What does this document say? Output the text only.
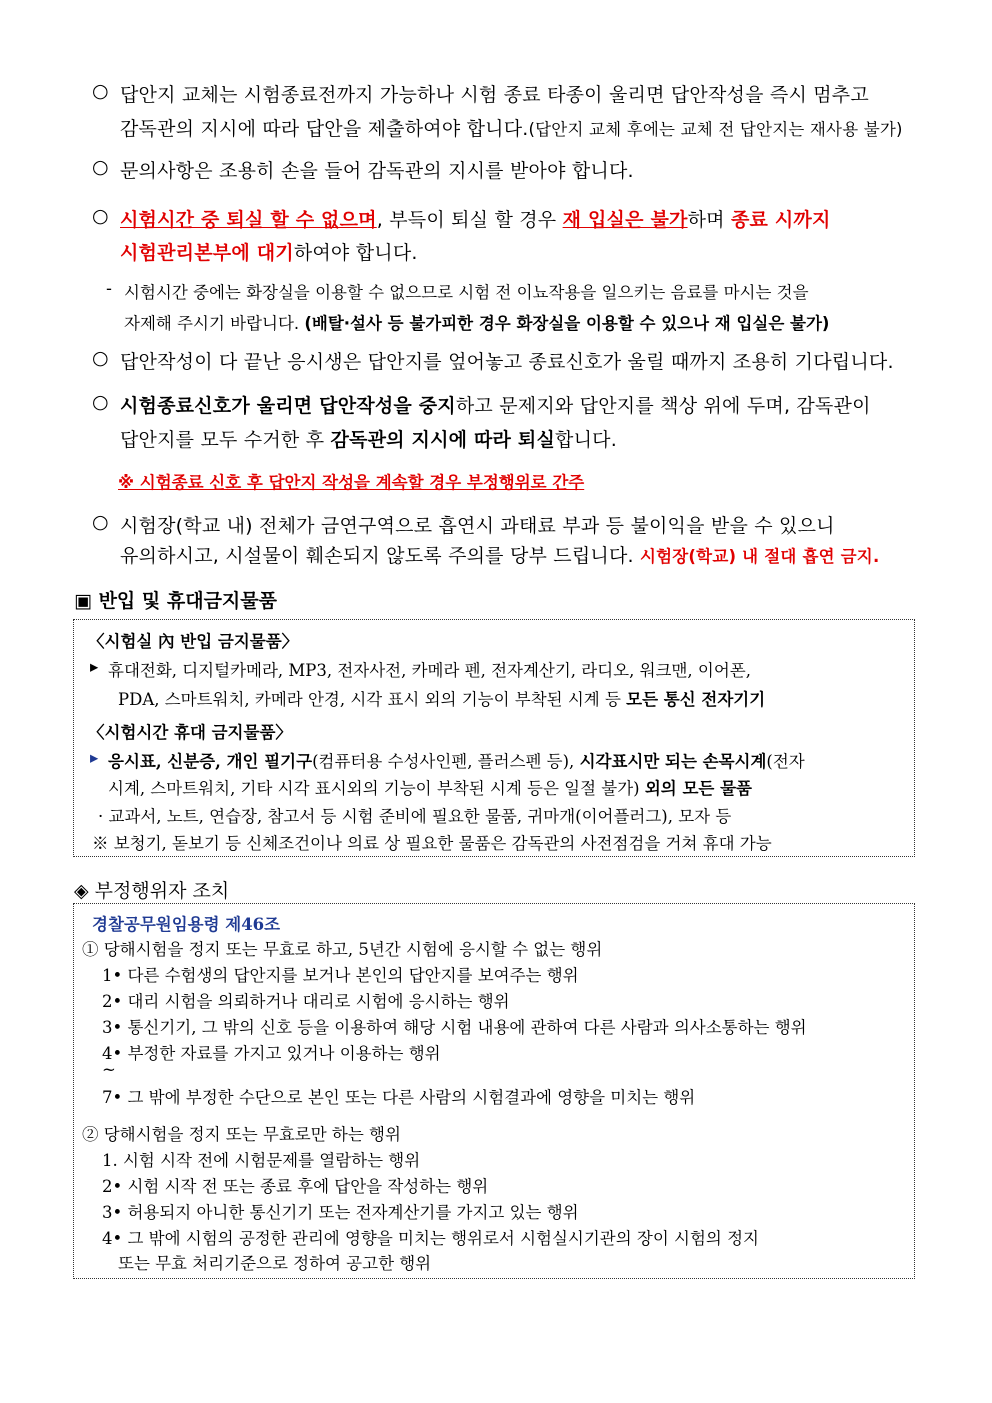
○ 답안지 교체는 시험종료전까지 가능하나 시험 종료 타종이 울리면 답안작성을 즉시 멈추고
감독관의 지시에 따라 답안을 제출하여야 합니다.(답안지 교체 후에는 교체 전 답안지는 재사용 불가)
○ 문의사항은 조용히 손을 들어 감독관의 지시를 받아야 합니다.
○ 시험시간 중 퇴실 할 수 없으며, 부득이 퇴실 할 경우 재 입실은 불가하며 종료 시까지
시험관리본부에 대기하여야 합니다.
- 시험시간 중에는 화장실을 이용할 수 없으므로 시험 전 이뇨작용을 일으키는 음료를 마시는 것을
자제해 주시기 바랍니다. (배탈·설사 등 불가피한 경우 화장실을 이용할 수 있으나 재 입실은 불가)
○ 답안작성이 다 끝난 응시생은 답안지를 엎어놓고 종료신호가 울릴 때까지 조용히 기다립니다.
○ 시험종료신호가 울리면 답안작성을 중지하고 문제지와 답안지를 책상 위에 두며, 감독관이
답안지를 모두 수거한 후 감독관의 지시에 따라 퇴실합니다.
※ 시험종료 신호 후 답안지 작성을 계속할 경우 부정행위로 간주
○ 시험장(학교 내) 전체가 금연구역으로 흡연시 과태료 부과 등 불이익을 받을 수 있으니
유의하시고, 시설물이 훼손되지 않도록 주의를 당부 드립니다. 시험장(학교) 내 절대 흡연 금지.
▣ 반입 및 휴대금지물품
〈시험실 內 반입 금지물품〉
▸ 휴대전화, 디지털카메라, MP3, 전자사전, 카메라 펜, 전자계산기, 라디오, 워크맨, 이어폰,
PDA, 스마트워치, 카메라 안경, 시각 표시 외의 기능이 부착된 시계 등 모든 통신 전자기기
〈시험시간 휴대 금지물품〉
▸ 응시표, 신분증, 개인 필기구(컴퓨터용 수성사인펜, 플러스펜 등), 시각표시만 되는 손목시계(전자
시계, 스마트워치, 기타 시각 표시외의 기능이 부착된 시계 등은 일절 불가) 외의 모든 물품
· 교과서, 노트, 연습장, 참고서 등 시험 준비에 필요한 물품, 귀마개(이어플러그), 모자 등
※ 보청기, 돋보기 등 신체조건이나 의료 상 필요한 물품은 감독관의 사전점검을 거쳐 휴대 가능
◈ 부정행위자 조치
경찰공무원임용령 제46조
① 당해시험을 정지 또는 무효로 하고, 5년간 시험에 응시할 수 없는 행위
1• 다른 수험생의 답안지를 보거나 본인의 답안지를 보여주는 행위
2• 대리 시험을 의뢰하거나 대리로 시험에 응시하는 행위
3• 통신기기, 그 밖의 신호 등을 이용하여 해당 시험 내용에 관하여 다른 사람과 의사소통하는 행위
4• 부정한 자료를 가지고 있거나 이용하는 행위
~
7• 그 밖에 부정한 수단으로 본인 또는 다른 사람의 시험결과에 영향을 미치는 행위
② 당해시험을 정지 또는 무효로만 하는 행위
1. 시험 시작 전에 시험문제를 열람하는 행위
2• 시험 시작 전 또는 종료 후에 답안을 작성하는 행위
3• 허용되지 아니한 통신기기 또는 전자계산기를 가지고 있는 행위
4• 그 밖에 시험의 공정한 관리에 영향을 미치는 행위로서 시험실시기관의 장이 시험의 정지
또는 무효 처리기준으로 정하여 공고한 행위
